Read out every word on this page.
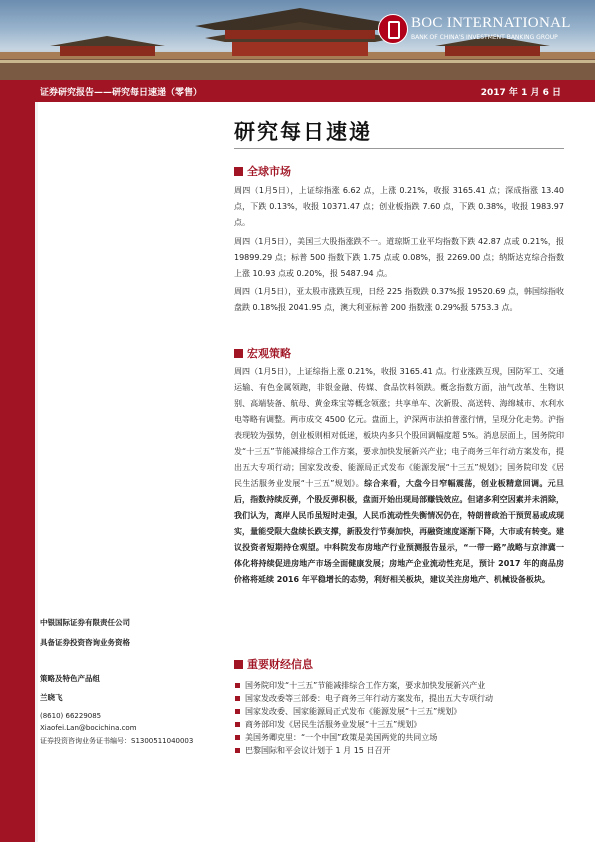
BOC INTERNATIONAL
BANK OF CHINA'S INVESTMENT BANKING GROUP
证券研究报告——研究每日速递（零售）	2017 年 1 月 6 日
中银国际证券有限责任公司
具备证券投资咨询业务资格
策略及特色产品组
兰晓飞
(8610) 66229085
Xiaofei.Lan@bocichina.com
证券投资咨询业务证书编号：S1300511040003
研究每日速递
全球市场

周四（1月5日），上证综指涨 6.62 点，上涨 0.21%，收报 3165.41 点；深成指涨 13.40 点，下跌 0.13%，收报 10371.47 点；创业板指跌 7.60 点，下跌 0.38%，收报 1983.97 点。

周四（1月5日），美国三大股指涨跌不一。道琼斯工业平均指数下跌 42.87 点或 0.21%，报 19899.29 点；标普 500 指数下跌 1.75 点或 0.08%，报 2269.00 点；纳斯达克综合指数上涨 10.93 点或 0.20%，报 5487.94 点。

周四（1月5日），亚太股市涨跌互现，日经 225 指数跌 0.37%报 19520.69 点，韩国综指收盘跌 0.18%报 2041.95 点，澳大利亚标普 200 指数涨 0.29%报 5753.3 点。

宏观策略

周四（1月5日），上证综指上涨 0.21%，收报 3165.41 点。行业涨跌互现，国防军工、交通运输、有色金属领跑，非银金融、传媒、食品饮料领跌。概念指数方面，油气改革、生物识别、高端装备、航母、黄金珠宝等概念领涨；共享单车、次新股、高送转、海绵城市、水利水电等略有调整。两市成交 4500 亿元。盘面上，沪深两市法拍普涨行情，呈现分化走势。沪指表现较为强势，创业板则相对低迷，板块内多只个股回调幅度超 5%。消息层面上，国务院印发“十三五”节能减排综合工作方案，要求加快发展新兴产业；电子商务三年行动方案发布，提出五大专项行动；国家发改委、能源局正式发布《能源发展“十三五”规划》；国务院印发《居民生活服务业发展“十三五”规划》。综合来看，大盘今日窄幅震荡，创业板精意回调。元旦后，指数持续反弹，个股反弹积极，盘面开始出现局部赚钱效应。但诸多利空因素并未消除，我们认为，离岸人民币虽短时走强，人民币流动性失衡情况仍在，特朗普政治干预贸易或成现实，量能受限大盘续长跌支撑，新股发行节奏加快，再融资速度逐渐下降，大市或有转变。建议投资者短期持仓观望。中科院发布房地产行业预测报告显示，“一带一路”战略与京津冀一体化将持续促进房地产市场全面健康发展；房地产企业流动性充足，预计 2017 年的商品房价格将延续 2016 年平稳增长的态势，利好相关板块，建议关注房地产、机械设备板块。

重要财经信息
国务院印发“十三五”节能减排综合工作方案，要求加快发展新兴产业
国家发改委等三部委：电子商务三年行动方案发布，提出五大专项行动
国家发改委、国家能源局正式发布《能源发展“十三五”规划》
商务部印发《居民生活服务业发展“十三五”规划》
美国务卿克里：“一个中国”政策是美国两党的共同立场
巴黎国际和平会议计划于 1 月 15 日召开
